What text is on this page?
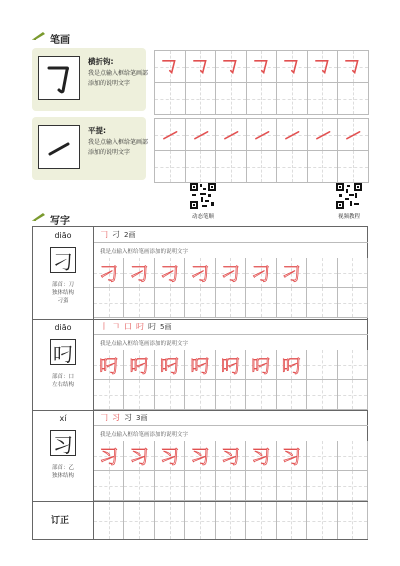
笔画
横折钩:
我是点输入框给笔画部添加的说明文字
平提:
我是点输入框给笔画部添加的说明文字
动态笔顺	视频教程
写字
diāo
刁
部首：刀
独体结构
刁蛮
diāo
叼
部首：口
左右结构
xí
习
部首：乙
独体结构
订正
𠃌 刁 2画
我是点输入框给笔画添加的说明文字
刁 刁 刁 刁 刁 刁 刁
丨 𠃍 口 叼 叼 5画
我是点输入框给笔画添加的说明文字
叼 叼 叼 叼 叼 叼 叼
𠃌 习 习 3画
我是点输入框给笔画添加的说明文字
习 习 习 习 习 习 习
